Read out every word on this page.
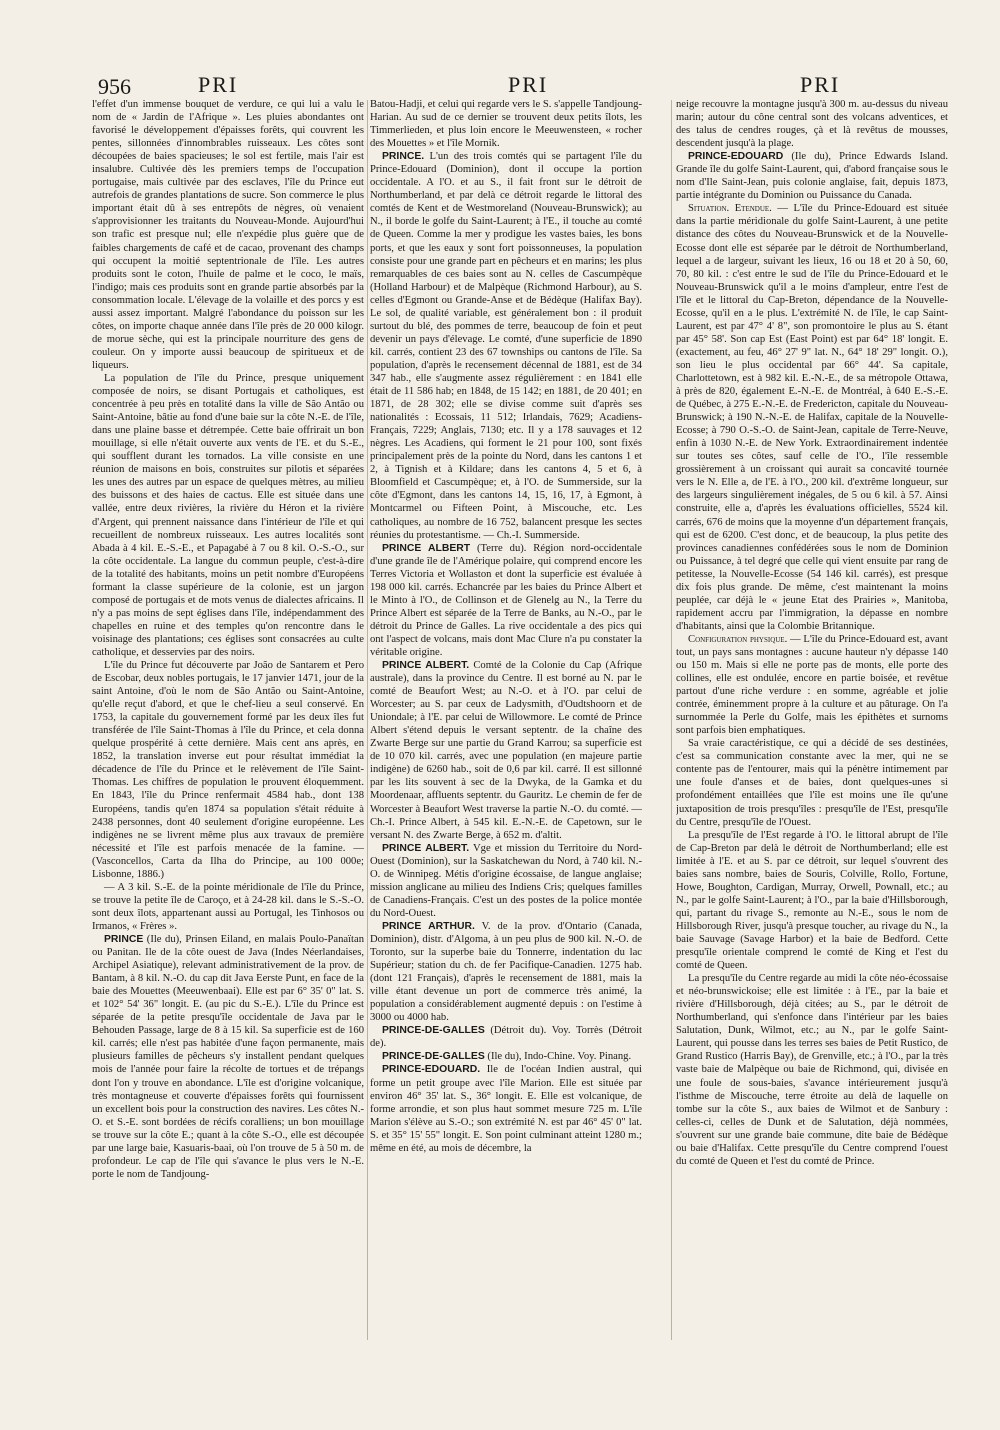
956	PRI	PRI	PRI

l'effet d'un immense bouquet de verdure, ce qui lui a valu le nom de « Jardin de l'Afrique ». Les pluies abondantes ont favorisé le développement d'épaisses forêts, qui couvrent les pentes, sillonnées d'innombrables ruisseaux. Les côtes sont découpées de baies spacieuses; le sol est fertile, mais l'air est insalubre. Cultivée dès les premiers temps de l'occupation portugaise, mais cultivée par des esclaves, l'île du Prince eut autrefois de grandes plantations de sucre. Son commerce le plus important était dû à ses entrepôts de nègres, où venaient s'approvisionner les traitants du Nouveau-Monde. Aujourd'hui son trafic est presque nul; elle n'expédie plus guère que de faibles chargements de café et de cacao, provenant des champs qui occupent la moitié septentrionale de l'île. Les autres produits sont le coton, l'huile de palme et le coco, le maïs, l'indigo; mais ces produits sont en grande partie absorbés par la consommation locale. L'élevage de la volaille et des porcs y est aussi assez important. Malgré l'abondance du poisson sur les côtes, on importe chaque année dans l'île près de 20 000 kilogr. de morue sèche, qui est la principale nourriture des gens de couleur. On y importe aussi beaucoup de spiritueux et de liqueurs.

La population de l'île du Prince, presque uniquement composée de noirs, se disant Portugais et catholiques, est concentrée à peu près en totalité dans la ville de São Antão ou Saint-Antoine, bâtie au fond d'une baie sur la côte N.-E. de l'île, dans une plaine basse et détrempée. Cette baie offrirait un bon mouillage, si elle n'était ouverte aux vents de l'E. et du S.-E., qui soufflent durant les tornados. La ville consiste en une réunion de maisons en bois, construites sur pilotis et séparées les unes des autres par un espace de quelques mètres, au milieu des buissons et des haies de cactus. Elle est située dans une vallée, entre deux rivières, la rivière du Héron et la rivière d'Argent, qui prennent naissance dans l'intérieur de l'île et qui recueillent de nombreux ruisseaux. Les autres localités sont Abada à 4 kil. E.-S.-E., et Papagabé à 7 ou 8 kil. O.-S.-O., sur la côte occidentale. La langue du commun peuple, c'est-à-dire de la totalité des habitants, moins un petit nombre d'Européens formant la classe supérieure de la colonie, est un jargon composé de portugais et de mots venus de dialectes africains. Il n'y a pas moins de sept églises dans l'île, indépendamment des chapelles en ruine et des temples qu'on rencontre dans le voisinage des plantations; ces églises sont consacrées au culte catholique, et desservies par des noirs.

L'île du Prince fut découverte par João de Santarem et Pero de Escobar, deux nobles portugais, le 17 janvier 1471, jour de la saint Antoine, d'où le nom de São Antão ou Saint-Antoine, qu'elle reçut d'abord, et que le chef-lieu a seul conservé. En 1753, la capitale du gouvernement formé par les deux îles fut transférée de l'île Saint-Thomas à l'île du Prince, et cela donna quelque prospérité à cette dernière. Mais cent ans après, en 1852, la translation inverse eut pour résultat immédiat la décadence de l'île du Prince et le relèvement de l'île Saint-Thomas. Les chiffres de population le prouvent éloquemment. En 1843, l'île du Prince renfermait 4584 hab., dont 138 Européens, tandis qu'en 1874 sa population s'était réduite à 2438 personnes, dont 40 seulement d'origine européenne. Les indigènes ne se livrent même plus aux travaux de première nécessité et l'île est parfois menacée de la famine. — (Vasconcellos, Carta da Ilha do Principe, au 100 000e; Lisbonne, 1886.)

— A 3 kil. S.-E. de la pointe méridionale de l'île du Prince, se trouve la petite île de Caroço, et à 24-28 kil. dans le S.-S.-O. sont deux îlots, appartenant aussi au Portugal, les Tinhosos ou Irmanos, « Frères ».

PRINCE (Ile du), Prinsen Eiland, en malais Poulo-Panaïtan ou Panitan. Ile de la côte ouest de Java (Indes Néerlandaises, Archipel Asiatique), relevant administrativement de la prov. de Bantam, à 8 kil. N.-O. du cap dit Java Eerste Punt, en face de la baie des Mouettes (Meeuwenbaai). Elle est par 6° 35' 0" lat. S. et 102° 54' 36" longit. E. (au pic du S.-E.). L'île du Prince est séparée de la petite presqu'île occidentale de Java par le Behouden Passage, large de 8 à 15 kil. Sa superficie est de 160 kil. carrés; elle n'est pas habitée d'une façon permanente, mais plusieurs familles de pêcheurs s'y installent pendant quelques mois de l'année pour faire la récolte de tortues et de trépangs dont l'on y trouve en abondance. L'île est d'origine volcanique, très montagneuse et couverte d'épaisses forêts qui fournissent un excellent bois pour la construction des navires. Les côtes N.-O. et S.-E. sont bordées de récifs coralliens; un bon mouillage se trouve sur la côte E.; quant à la côte S.-O., elle est découpée par une large baie, Kasuaris-baai, où l'on trouve de 5 à 50 m. de profondeur. Le cap de l'île qui s'avance le plus vers le N.-E. porte le nom de Tandjoung-

Batou-Hadji, et celui qui regarde vers le S. s'appelle Tandjoung-Harian. Au sud de ce dernier se trouvent deux petits îlots, les Timmerlieden, et plus loin encore le Meeuwensteen, « rocher des Mouettes » et l'île Mornik.

PRINCE. L'un des trois comtés qui se partagent l'île du Prince-Edouard (Dominion), dont il occupe la portion occidentale. A l'O. et au S., il fait front sur le détroit de Northumberland, et par delà ce détroit regarde le littoral des comtés de Kent et de Westmoreland (Nouveau-Brunswick); au N., il borde le golfe du Saint-Laurent; à l'E., il touche au comté de Queen. Comme la mer y prodigue les vastes baies, les bons ports, et que les eaux y sont fort poissonneuses, la population consiste pour une grande part en pêcheurs et en marins; les plus remarquables de ces baies sont au N. celles de Cascumpèque (Holland Harbour) et de Malpèque (Richmond Harbour), au S. celles d'Egmont ou Grande-Anse et de Bédèque (Halifax Bay). Le sol, de qualité variable, est généralement bon : il produit surtout du blé, des pommes de terre, beaucoup de foin et peut devenir un pays d'élevage. Le comté, d'une superficie de 1890 kil. carrés, contient 23 des 67 townships ou cantons de l'île. Sa population, d'après le recensement décennal de 1881, est de 34 347 hab., elle s'augmente assez régulièrement : en 1841 elle était de 11 586 hab; en 1848, de 15 142; en 1881, de 20 401; en 1871, de 28 302; elle se divise comme suit d'après ses nationalités : Ecossais, 11 512; Irlandais, 7629; Acadiens-Français, 7229; Anglais, 7130; etc. Il y a 178 sauvages et 12 nègres. Les Acadiens, qui forment le 21 pour 100, sont fixés principalement près de la pointe du Nord, dans les cantons 1 et 2, à Tignish et à Kildare; dans les cantons 4, 5 et 6, à Bloomfield et Cascumpèque; et, à l'O. de Summerside, sur la côte d'Egmont, dans les cantons 14, 15, 16, 17, à Egmont, à Montcarmel ou Fifteen Point, à Miscouche, etc. Les catholiques, au nombre de 16 752, balancent presque les sectes réunies du protestantisme. — Ch.-I. Summerside.

PRINCE ALBERT (Terre du). Région nord-occidentale d'une grande île de l'Amérique polaire, qui comprend encore les Terres Victoria et Wollaston et dont la superficie est évaluée à 198 000 kil. carrés. Echancrée par les baies du Prince Albert et le Minto à l'O., de Collinson et de Glenelg au N., la Terre du Prince Albert est séparée de la Terre de Banks, au N.-O., par le détroit du Prince de Galles. La rive occidentale a des pics qui ont l'aspect de volcans, mais dont Mac Clure n'a pu constater la véritable origine.

PRINCE ALBERT. Comté de la Colonie du Cap (Afrique australe), dans la province du Centre. Il est borné au N. par le comté de Beaufort West; au N.-O. et à l'O. par celui de Worcester; au S. par ceux de Ladysmith, d'Oudtshoorn et de Uniondale; à l'E. par celui de Willowmore. Le comté de Prince Albert s'étend depuis le versant septentr. de la chaîne des Zwarte Berge sur une partie du Grand Karrou; sa superficie est de 10 070 kil. carrés, avec une population (en majeure partie indigène) de 6260 hab., soit de 0,6 par kil. carré. Il est sillonné par les lits souvent à sec de la Dwyka, de la Gamka et du Moordenaar, affluents septentr. du Gauritz. Le chemin de fer de Worcester à Beaufort West traverse la partie N.-O. du comté. — Ch.-I. Prince Albert, à 545 kil. E.-N.-E. de Capetown, sur le versant N. des Zwarte Berge, à 652 m. d'altit.

PRINCE ALBERT. Vge et mission du Territoire du Nord-Ouest (Dominion), sur la Saskatchewan du Nord, à 740 kil. N.-O. de Winnipeg. Métis d'origine écossaise, de langue anglaise; mission anglicane au milieu des Indiens Cris; quelques familles de Canadiens-Français. C'est un des postes de la police montée du Nord-Ouest.

PRINCE ARTHUR. V. de la prov. d'Ontario (Canada, Dominion), distr. d'Algoma, à un peu plus de 900 kil. N.-O. de Toronto, sur la superbe baie du Tonnerre, indentation du lac Supérieur; station du ch. de fer Pacifique-Canadien. 1275 hab. (dont 121 Français), d'après le recensement de 1881, mais la ville étant devenue un port de commerce très animé, la population a considérablement augmenté depuis : on l'estime à 3000 ou 4000 hab.

PRINCE-DE-GALLES (Détroit du). Voy. Torrès (Détroit de).

PRINCE-DE-GALLES (Ile du), Indo-Chine. Voy. Pinang.

PRINCE-EDOUARD. Ile de l'océan Indien austral, qui forme un petit groupe avec l'île Marion. Elle est située par environ 46° 35' lat. S., 36° longit. E. Elle est volcanique, de forme arrondie, et son plus haut sommet mesure 725 m. L'île Marion s'élève au S.-O.; son extrémité N. est par 46° 45' 0" lat. S. et 35° 15' 55" longit. E. Son point culminant atteint 1280 m.; même en été, au mois de décembre, la

neige recouvre la montagne jusqu'à 300 m. au-dessus du niveau marin; autour du cône central sont des volcans adventices, et des talus de cendres rouges, çà et là revêtus de mousses, descendent jusqu'à la plage.

PRINCE-EDOUARD (Ile du), Prince Edwards Island. Grande île du golfe Saint-Laurent, qui, d'abord française sous le nom d'Ile Saint-Jean, puis colonie anglaise, fait, depuis 1873, partie intégrante du Dominion ou Puissance du Canada.

Situation. Etendue. — L'île du Prince-Edouard est située dans la partie méridionale du golfe Saint-Laurent, à une petite distance des côtes du Nouveau-Brunswick et de la Nouvelle-Ecosse dont elle est séparée par le détroit de Northumberland, lequel a de largeur, suivant les lieux, 16 ou 18 et 20 à 50, 60, 70, 80 kil. : c'est entre le sud de l'île du Prince-Edouard et le Nouveau-Brunswick qu'il a le moins d'ampleur, entre l'est de l'île et le littoral du Cap-Breton, dépendance de la Nouvelle-Ecosse, qu'il en a le plus. L'extrémité N. de l'île, le cap Saint-Laurent, est par 47° 4' 8", son promontoire le plus au S. étant par 45° 58'. Son cap Est (East Point) est par 64° 18' longit. E. (exactement, au feu, 46° 27' 9" lat. N., 64° 18' 29" longit. O.), son lieu le plus occidental par 66° 44'. Sa capitale, Charlottetown, est à 982 kil. E.-N.-E., de sa métropole Ottawa, à près de 820, également E.-N.-E. de Montréal, à 640 E.-S.-E. de Québec, à 275 E.-N.-E. de Fredericton, capitale du Nouveau-Brunswick; à 190 N.-N.-E. de Halifax, capitale de la Nouvelle-Ecosse; à 790 O.-S.-O. de Saint-Jean, capitale de Terre-Neuve, enfin à 1030 N.-E. de New York. Extraordinairement indentée sur toutes ses côtes, sauf celle de l'O., l'île ressemble grossièrement à un croissant qui aurait sa concavité tournée vers le N. Elle a, de l'E. à l'O., 200 kil. d'extrême longueur, sur des largeurs singulièrement inégales, de 5 ou 6 kil. à 57. Ainsi construite, elle a, d'après les évaluations officielles, 5524 kil. carrés, 676 de moins que la moyenne d'un département français, qui est de 6200. C'est donc, et de beaucoup, la plus petite des provinces canadiennes confédérées sous le nom de Dominion ou Puissance, à tel degré que celle qui vient ensuite par rang de petitesse, la Nouvelle-Ecosse (54 146 kil. carrés), est presque dix fois plus grande. De même, c'est maintenant la moins peuplée, car déjà le « jeune Etat des Prairies », Manitoba, rapidement accru par l'immigration, la dépasse en nombre d'habitants, ainsi que la Colombie Britannique.

Configuration physique. — L'île du Prince-Edouard est, avant tout, un pays sans montagnes : aucune hauteur n'y dépasse 140 ou 150 m. Mais si elle ne porte pas de monts, elle porte des collines, elle est ondulée, encore en partie boisée, et revêtue partout d'une riche verdure : en somme, agréable et jolie contrée, éminemment propre à la culture et au pâturage. On l'a surnommée la Perle du Golfe, mais les épithètes et surnoms sont parfois bien emphatiques.

Sa vraie caractéristique, ce qui a décidé de ses destinées, c'est sa communication constante avec la mer, qui ne se contente pas de l'entourer, mais qui la pénètre intimement par une foule d'anses et de baies, dont quelques-unes si profondément entaillées que l'île est moins une île qu'une juxtaposition de trois presqu'îles : presqu'île de l'Est, presqu'île du Centre, presqu'île de l'Ouest.

La presqu'île de l'Est regarde à l'O. le littoral abrupt de l'île de Cap-Breton par delà le détroit de Northumberland; elle est limitée à l'E. et au S. par ce détroit, sur lequel s'ouvrent des baies sans nombre, baies de Souris, Colville, Rollo, Fortune, Howe, Boughton, Cardigan, Murray, Orwell, Pownall, etc.; au N., par le golfe Saint-Laurent; à l'O., par la baie d'Hillsborough, qui, partant du rivage S., remonte au N.-E., sous le nom de Hillsborough River, jusqu'à presque toucher, au rivage du N., la baie Sauvage (Savage Harbor) et la baie de Bedford. Cette presqu'île orientale comprend le comté de King et l'est du comté de Queen.

La presqu'île du Centre regarde au midi la côte néo-écossaise et néo-brunswickoise; elle est limitée : à l'E., par la baie et rivière d'Hillsborough, déjà citées; au S., par le détroit de Northumberland, qui s'enfonce dans l'intérieur par les baies Salutation, Dunk, Wilmot, etc.; au N., par le golfe Saint-Laurent, qui pousse dans les terres ses baies de Petit Rustico, de Grand Rustico (Harris Bay), de Grenville, etc.; à l'O., par la très vaste baie de Malpèque ou baie de Richmond, qui, divisée en une foule de sous-baies, s'avance intérieurement jusqu'à l'isthme de Miscouche, terre étroite au delà de laquelle on tombe sur la côte S., aux baies de Wilmot et de Sanbury : celles-ci, celles de Dunk et de Salutation, déjà nommées, s'ouvrent sur une grande baie commune, dite baie de Bédèque ou baie d'Halifax. Cette presqu'île du Centre comprend l'ouest du comté de Queen et l'est du comté de Prince.
